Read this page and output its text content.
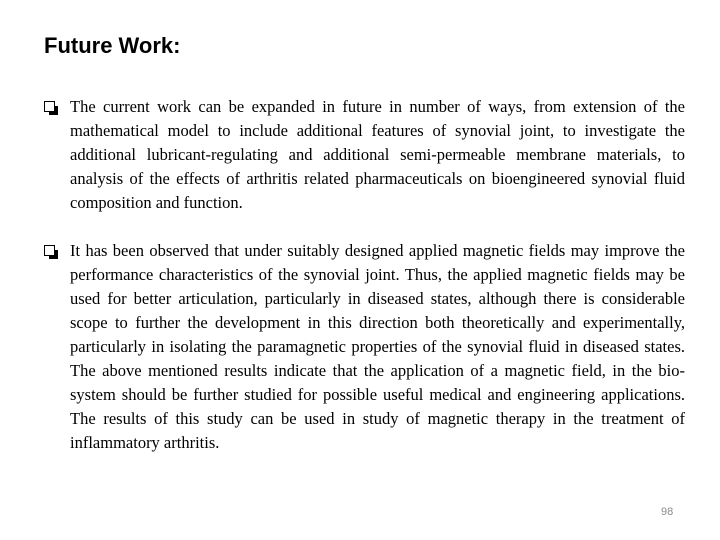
Future Work:
The current work can be expanded in future in number of ways, from extension of the mathematical model to include additional features of synovial joint, to investigate the additional lubricant-regulating and additional semi-permeable membrane materials, to analysis of the effects of arthritis related pharmaceuticals on bioengineered synovial fluid composition and function.
It has been observed that under suitably designed applied magnetic fields may improve the performance characteristics of the synovial joint. Thus, the applied magnetic fields may be used for better articulation, particularly in diseased states, although there is considerable scope to further the development in this direction both theoretically and experimentally, particularly in isolating the paramagnetic properties of the synovial fluid in diseased states. The above mentioned results indicate that the application of a magnetic field, in the bio-system should be further studied for possible useful medical and engineering applications. The results of this study can be used in study of magnetic therapy in the treatment of inflammatory arthritis.
98
